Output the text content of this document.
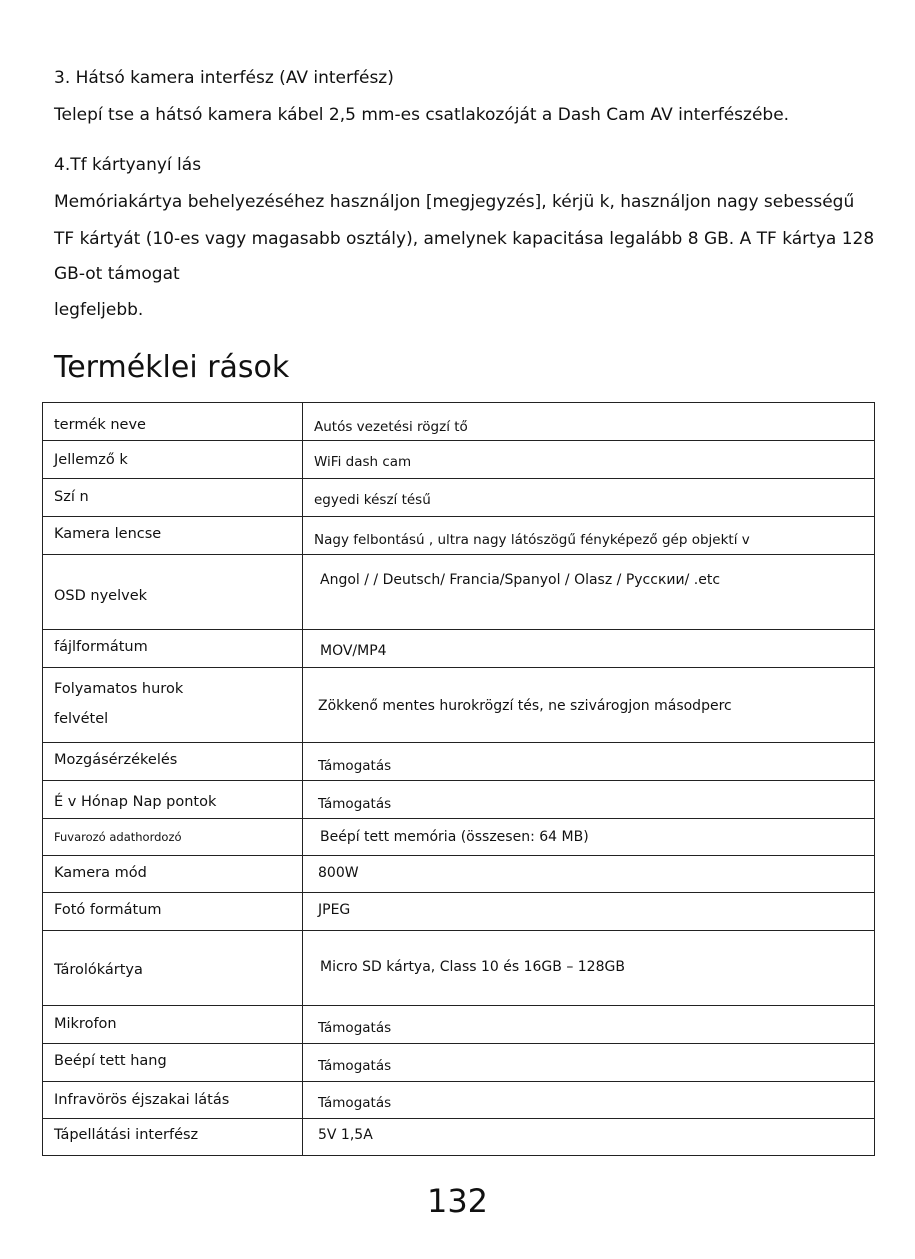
3. Hátsó kamera interfész (AV interfész)
Telepí tse a hátsó kamera kábel 2,5 mm-es csatlakozóját a Dash Cam AV interfészébe.
4.Tf kártyanyí lás
Memóriakártya behelyezéséhez használjon [megjegyzés], kérjü k, használjon nagy sebességű
TF kártyát (10-es vagy magasabb osztály), amelynek kapacitása legalább 8 GB. A TF kártya 128
GB-ot támogat
legfeljebb.
Terméklei rások
termék neve	Autós vezetési rögzí tő

Jellemző k	WiFi dash cam

Szí n	egyedi készí tésű

Kamera lencse	Nagy felbontású , ultra nagy látószögű fényképező gép objektí v

OSD nyelvek	Angol / / Deutsch/ Francia/Spanyol / Olasz / Русскии/ .etc

fájlformátum	MOV/MP4

Folyamatos hurok
felvétel	Zökkenő mentes hurokrögzí tés, ne szivárogjon másodperc

Mozgásérzékelés	Támogatás

É v Hónap Nap pontok	Támogatás

Fuvarozó adathordozó	Beépí tett memória (összesen: 64 MB)

Kamera mód	800W

Fotó formátum	JPEG

Tárolókártya	Micro SD kártya, Class 10 és 16GB – 128GB

Mikrofon	Támogatás

Beépí tett hang	Támogatás

Infravörös éjszakai látás	Támogatás

Tápellátási interfész	5V 1,5A
132
